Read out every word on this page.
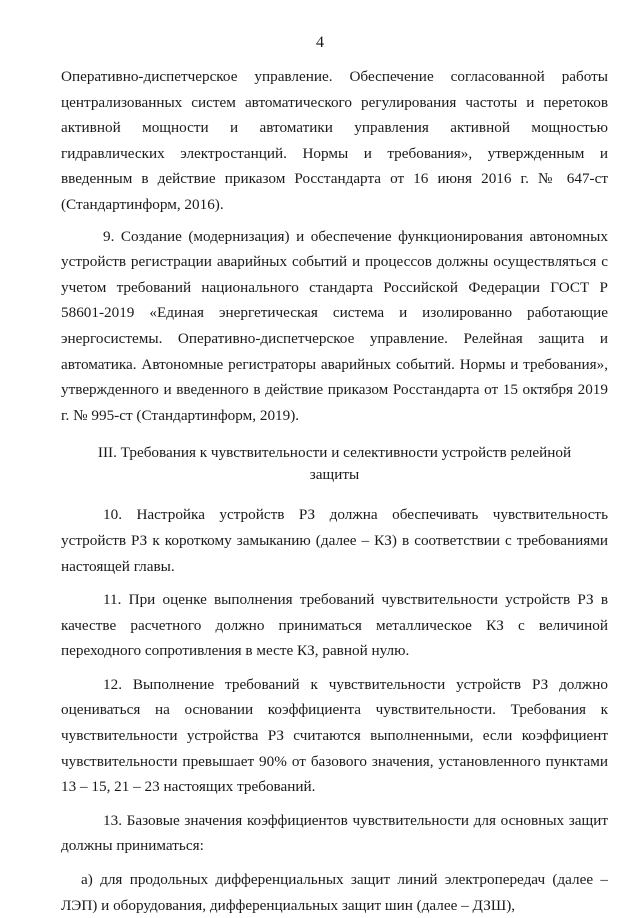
4

Оперативно-диспетчерское управление. Обеспечение согласованной работы централизованных систем автоматического регулирования частоты и перетоков активной мощности и автоматики управления активной мощностью гидравлических электростанций. Нормы и требования», утвержденным и введенным в действие приказом Росстандарта от 16 июня 2016 г. № 647-ст (Стандартинформ, 2016).

9. Создание (модернизация) и обеспечение функционирования автономных устройств регистрации аварийных событий и процессов должны осуществляться с учетом требований национального стандарта Российской Федерации ГОСТ Р 58601-2019 «Единая энергетическая система и изолированно работающие энергосистемы. Оперативно-диспетчерское управление. Релейная защита и автоматика. Автономные регистраторы аварийных событий. Нормы и требования», утвержденного и введенного в действие приказом Росстандарта от 15 октября 2019 г. № 995-ст (Стандартинформ, 2019).

III. Требования к чувствительности и селективности устройств релейной защиты

10. Настройка устройств РЗ должна обеспечивать чувствительность устройств РЗ к короткому замыканию (далее – КЗ) в соответствии с требованиями настоящей главы.

11. При оценке выполнения требований чувствительности устройств РЗ в качестве расчетного должно приниматься металлическое КЗ с величиной переходного сопротивления в месте КЗ, равной нулю.

12. Выполнение требований к чувствительности устройств РЗ должно оцениваться на основании коэффициента чувствительности. Требования к чувствительности устройства РЗ считаются выполненными, если коэффициент чувствительности превышает 90% от базового значения, установленного пунктами 13 – 15, 21 – 23 настоящих требований.

13. Базовые значения коэффициентов чувствительности для основных защит должны приниматься:

а) для продольных дифференциальных защит линий электропередач (далее – ЛЭП) и оборудования, дифференциальных защит шин (далее – ДЗШ),
